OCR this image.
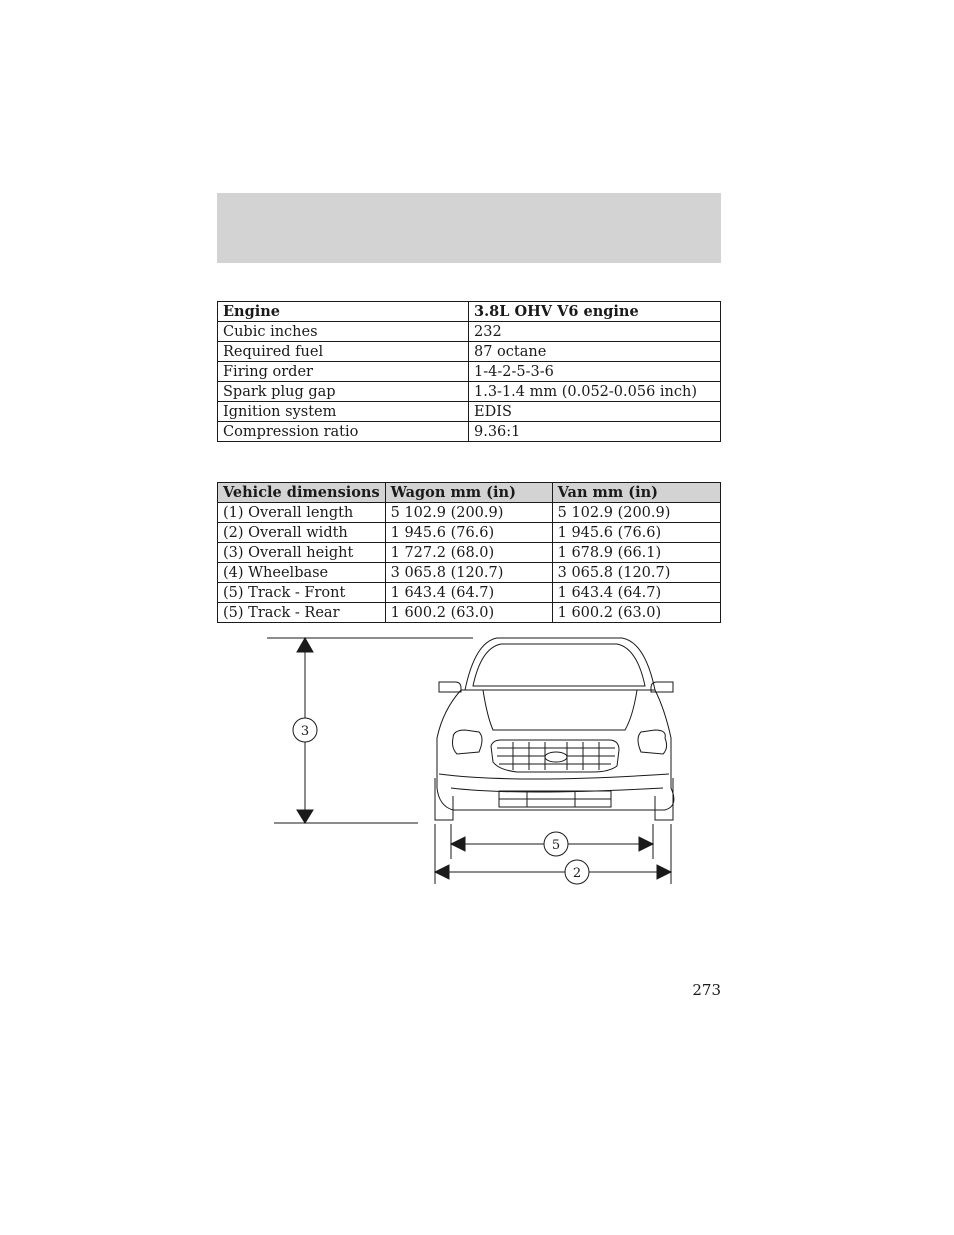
Engine	3.8L OHV V6 engine
Cubic inches	232
Required fuel	87 octane
Firing order	1-4-2-5-3-6
Spark plug gap	1.3-1.4 mm (0.052-0.056 inch)
Ignition system	EDIS
Compression ratio	9.36:1
Vehicle dimensions	Wagon mm (in)	Van mm (in)
(1) Overall length	5 102.9 (200.9)	5 102.9 (200.9)
(2) Overall width	1 945.6 (76.6)	1 945.6 (76.6)
(3) Overall height	1 727.2 (68.0)	1 678.9 (66.1)
(4) Wheelbase	3 065.8 (120.7)	3 065.8 (120.7)
(5) Track - Front	1 643.4 (64.7)	1 643.4 (64.7)
(5) Track - Rear	1 600.2 (63.0)	1 600.2 (63.0)
3
5
2
273
